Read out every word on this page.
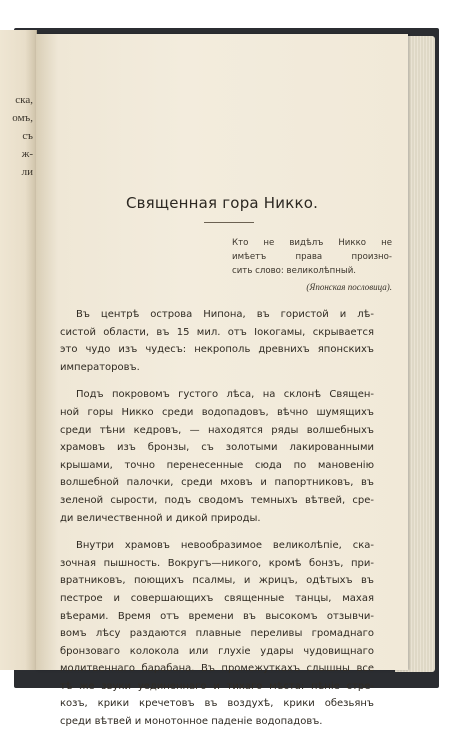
ска,
омъ,
съ
ж-
ли
Священная гора Никко.
Кто не видѣлъ Никко не
имѣетъ права произно-
сить слово: великолѣпный.
(Японская пословица).
Въ центрѣ острова Нипона, въ гористой и лѣ-
систой области, въ 15 мил. отъ Іокогамы, скрывается
это чудо изъ чудесъ: некрополь древнихъ японскихъ
императоровъ.
Подъ покровомъ густого лѣса, на склонѣ Священ-
ной горы Никко среди водопадовъ, вѣчно шумящихъ
среди тѣни кедровъ, — находятся ряды волшебныхъ
храмовъ изъ бронзы, съ золотыми лакированными
крышами, точно перенесенные сюда по мановенію
волшебной палочки, среди мховъ и папортниковъ, въ
зеленой сырости, подъ сводомъ темныхъ вѣтвей, сре-
ди величественной и дикой природы.
Внутри храмовъ невообразимое великолѣпіе, ска-
зочная пышность. Вокругъ—никого, кромѣ бонзъ, при-
вратниковъ, поющихъ псалмы, и жрицъ, одѣтыхъ въ
пестрое и совершающихъ священные танцы, махая
вѣерами. Время отъ времени въ высокомъ отзывчи-
вомъ лѣсу раздаются плавные переливы громаднаго
бронзоваго колокола или глухіе удары чудовищнаго
молитвеннаго барабана. Въ промежуткахъ слышны все
тѣ же звуки уединеннаго и тихаго мѣста: пѣніе стре-
козъ, крики кречетовъ въ воздухѣ, крики обезьянъ
среди вѣтвей и монотонное паденіе водопадовъ.
